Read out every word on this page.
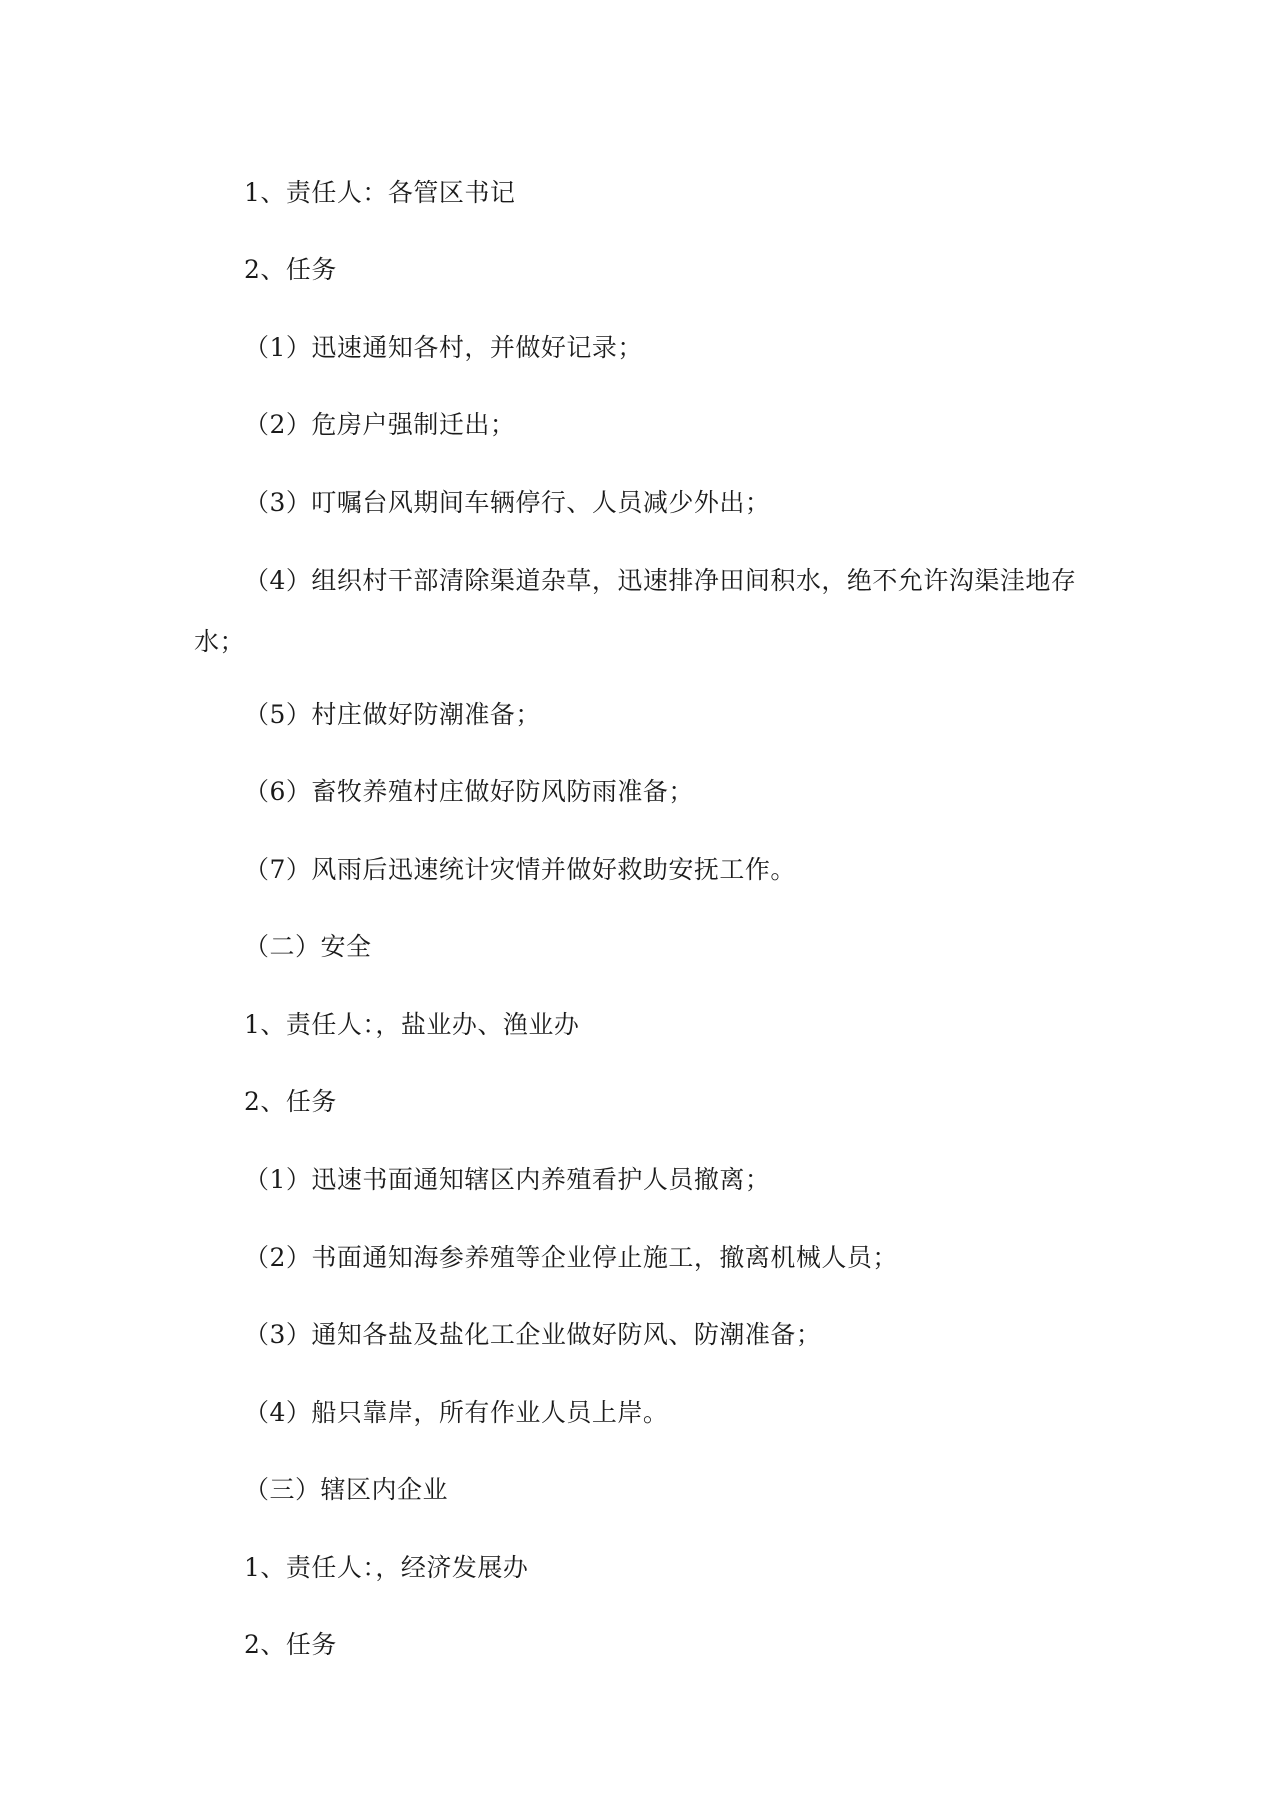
1、责任人：各管区书记
2、任务
（1）迅速通知各村，并做好记录；
（2）危房户强制迁出；
（3）叮嘱台风期间车辆停行、人员减少外出；
（4）组织村干部清除渠道杂草，迅速排净田间积水，绝不允许沟渠洼地存
水；
（5）村庄做好防潮准备；
（6）畜牧养殖村庄做好防风防雨准备；
（7）风雨后迅速统计灾情并做好救助安抚工作。
（二）安全
1、责任人：，盐业办、渔业办
2、任务
（1）迅速书面通知辖区内养殖看护人员撤离；
（2）书面通知海参养殖等企业停止施工，撤离机械人员；
（3）通知各盐及盐化工企业做好防风、防潮准备；
（4）船只靠岸，所有作业人员上岸。
（三）辖区内企业
1、责任人：，经济发展办
2、任务
